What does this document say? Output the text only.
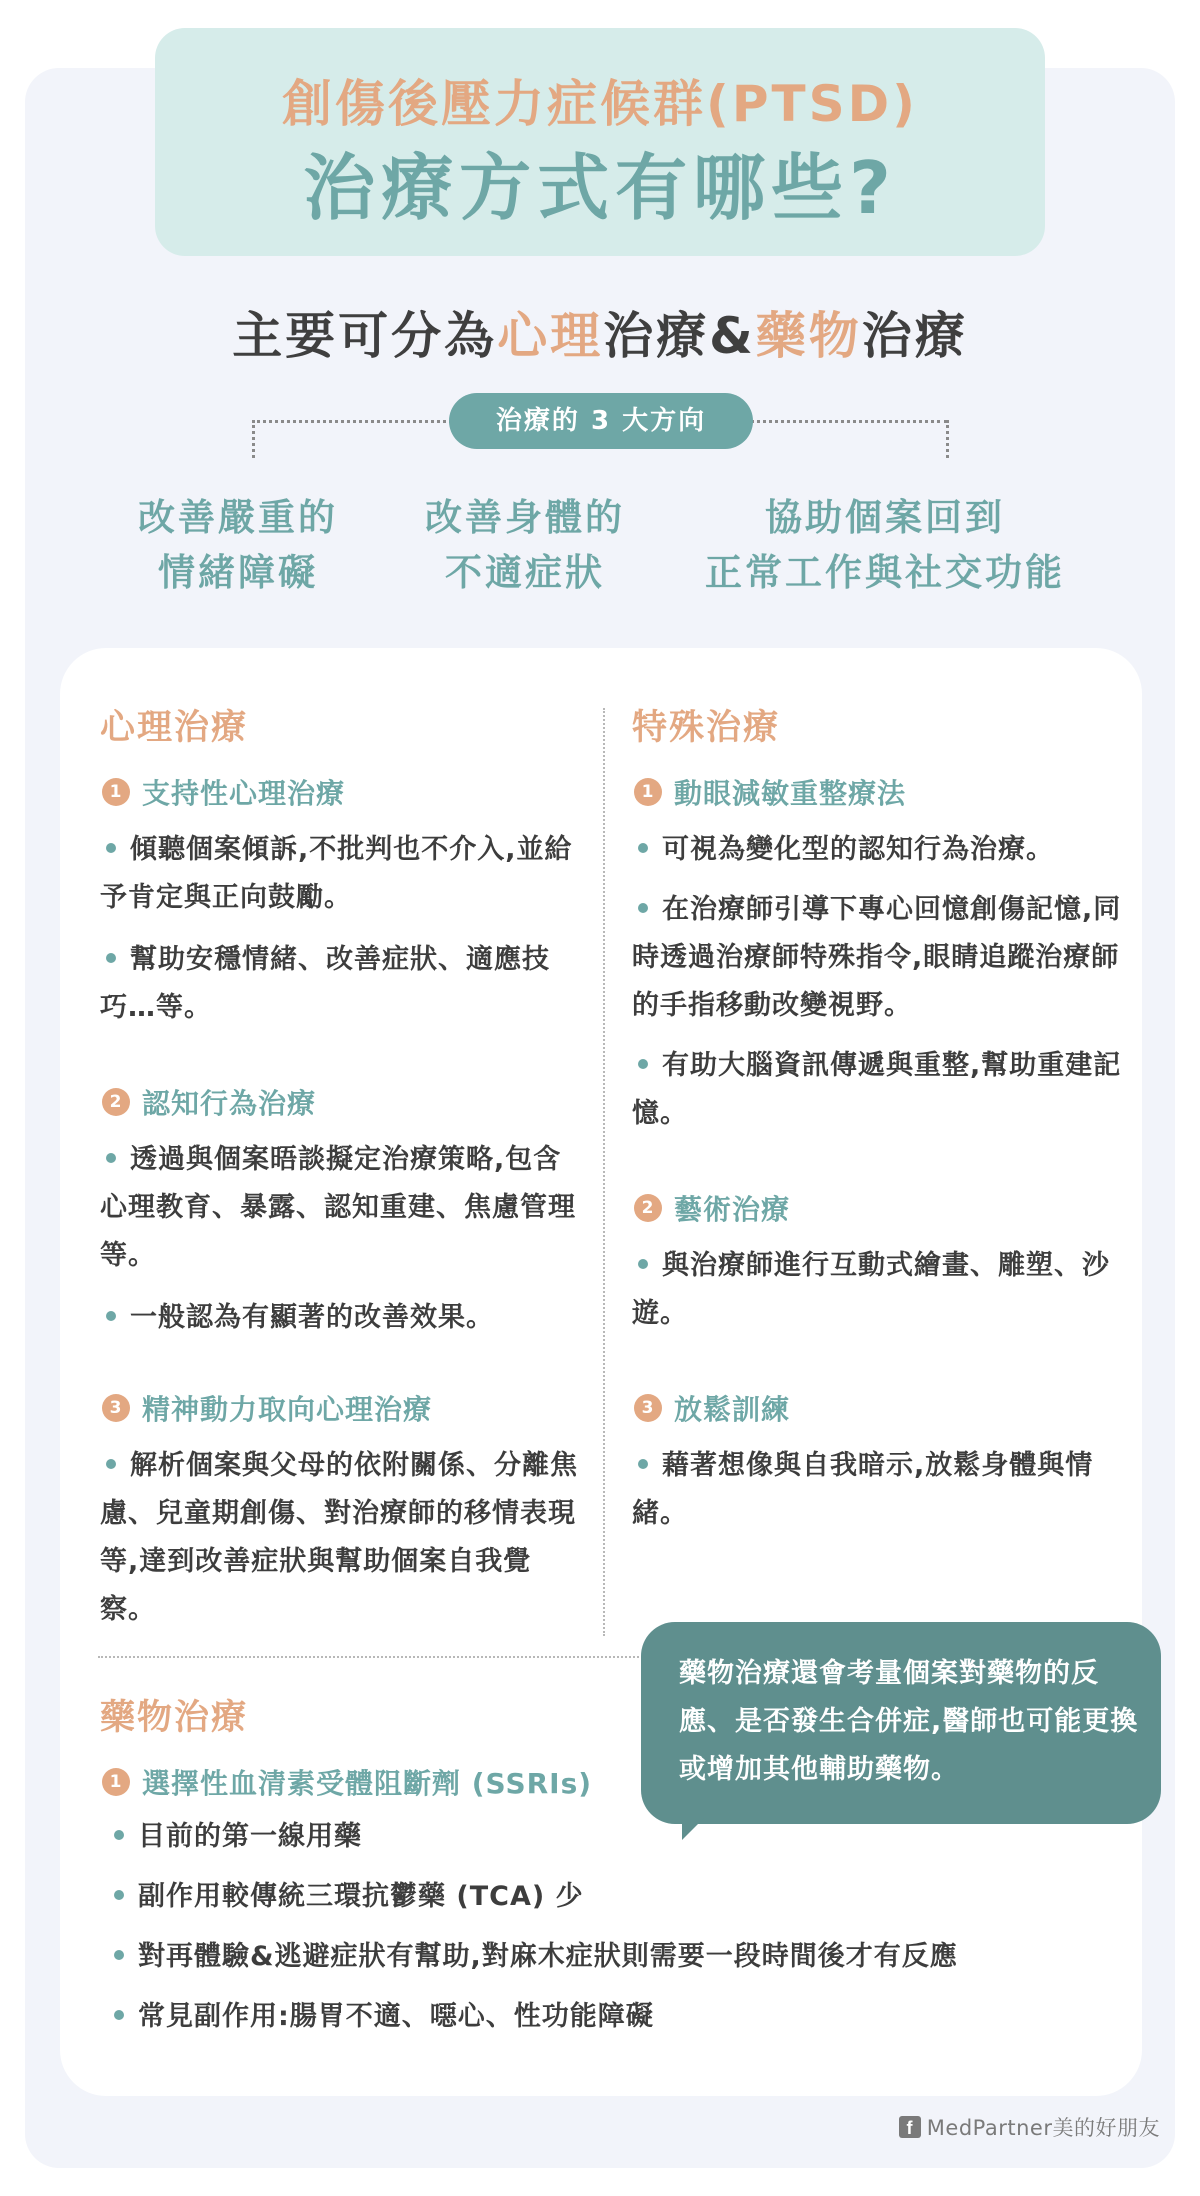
創傷後壓力症候群(PTSD)
治療方式有哪些?
主要可分為心理治療&藥物治療
治療的 3 大方向
改善嚴重的
情緒障礙
改善身體的
不適症狀
協助個案回到
正常工作與社交功能
心理治療
1 支持性心理治療
傾聽個案傾訴,不批判也不介入,並給予肯定與正向鼓勵。
幫助安穩情緒、改善症狀、適應技巧…等。
2 認知行為治療
透過與個案晤談擬定治療策略,包含心理教育、暴露、認知重建、焦慮管理等。
一般認為有顯著的改善效果。
3 精神動力取向心理治療
解析個案與父母的依附關係、分離焦慮、兒童期創傷、對治療師的移情表現等,達到改善症狀與幫助個案自我覺察。
特殊治療
1 動眼減敏重整療法
可視為變化型的認知行為治療。
在治療師引導下專心回憶創傷記憶,同時透過治療師特殊指令,眼睛追蹤治療師的手指移動改變視野。
有助大腦資訊傳遞與重整,幫助重建記憶。
2 藝術治療
與治療師進行互動式繪畫、雕塑、沙遊。
3 放鬆訓練
藉著想像與自我暗示,放鬆身體與情緒。
藥物治療
1 選擇性血清素受體阻斷劑 (SSRIs)
目前的第一線用藥
副作用較傳統三環抗鬱藥 (TCA) 少
對再體驗&逃避症狀有幫助,對麻木症狀則需要一段時間後才有反應
常見副作用:腸胃不適、噁心、性功能障礙
藥物治療還會考量個案對藥物的反應、是否發生合併症,醫師也可能更換或增加其他輔助藥物。
f MedPartner美的好朋友
